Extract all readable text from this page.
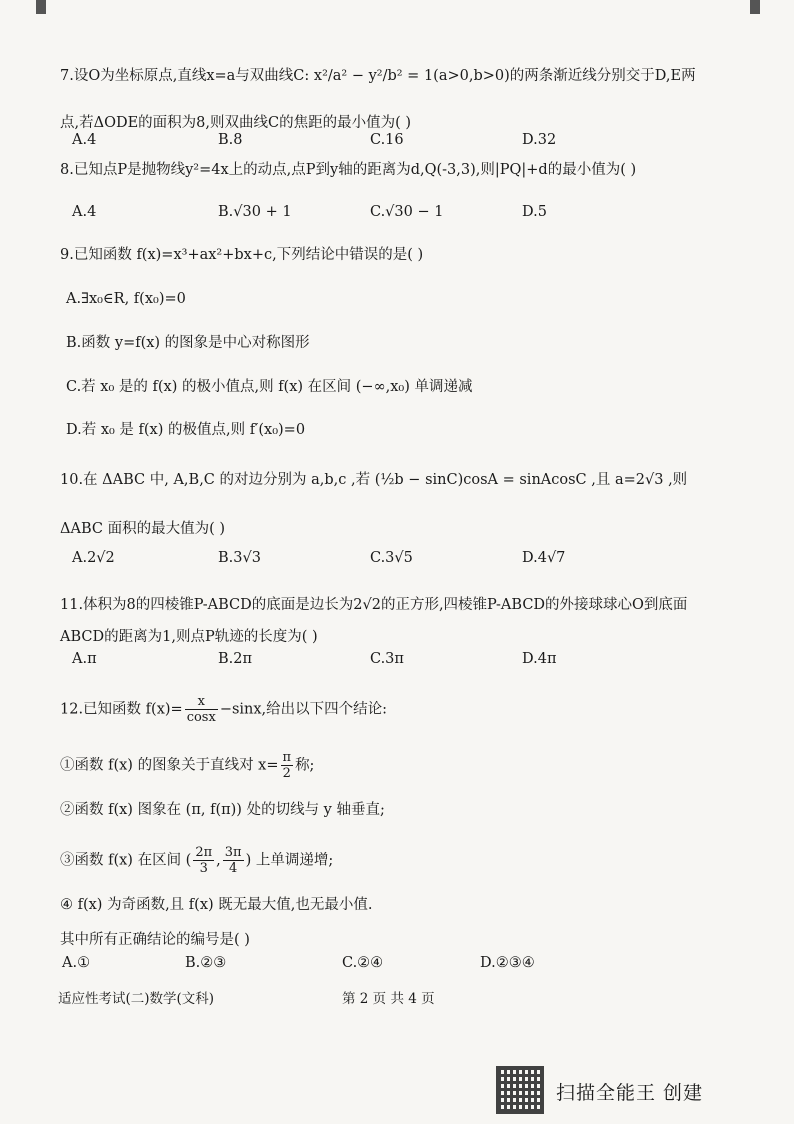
7.设O为坐标原点,直线x=a与双曲线C: x²/a² − y²/b² = 1(a>0,b>0)的两条渐近线分别交于D,E两
点,若ΔODE的面积为8,则双曲线C的焦距的最小值为( )
A.4	B.8	C.16	D.32
8.已知点P是抛物线y²=4x上的动点,点P到y轴的距离为d,Q(-3,3),则|PQ|+d的最小值为( )
A.4	B.√30 + 1	C.√30 − 1	D.5
9.已知函数 f(x)=x³+ax²+bx+c,下列结论中错误的是( )
A.∃x₀∈R, f(x₀)=0
B.函数 y=f(x) 的图象是中心对称图形
C.若 x₀ 是的 f(x) 的极小值点,则 f(x) 在区间 (−∞,x₀) 单调递减
D.若 x₀ 是 f(x) 的极值点,则 f′(x₀)=0
10.在 ΔABC 中, A,B,C 的对边分别为 a,b,c ,若 (½b − sinC)cosA = sinAcosC ,且 a=2√3 ,则
ΔABC 面积的最大值为( )
A.2√2	B.3√3	C.3√5	D.4√7
11.体积为8的四棱锥P-ABCD的底面是边长为2√2的正方形,四棱锥P-ABCD的外接球球心O到底面
ABCD的距离为1,则点P轨迹的长度为( )
A.π	B.2π	C.3π	D.4π
12.已知函数 $f(x)= \frac{x}{\cos x} -\sin x$,给出以下四个结论:
①函数 f(x) 的图象关于直线对 $x= \frac{\pi}{2}$ 称;
②函数 f(x) 图象在 (π, f(π)) 处的切线与 y 轴垂直;
③函数 f(x) 在区间 ( $\frac{2\pi}{3}$ , $\frac{3\pi}{4}$ ) 上单调递增;
④ f(x) 为奇函数,且 f(x) 既无最大值,也无最小值.
其中所有正确结论的编号是( )
A.①	B.②③	C.②④	D.②③④
适应性考试(二)数学(文科)	第 2 页 共 4 页
扫描全能王 创建
